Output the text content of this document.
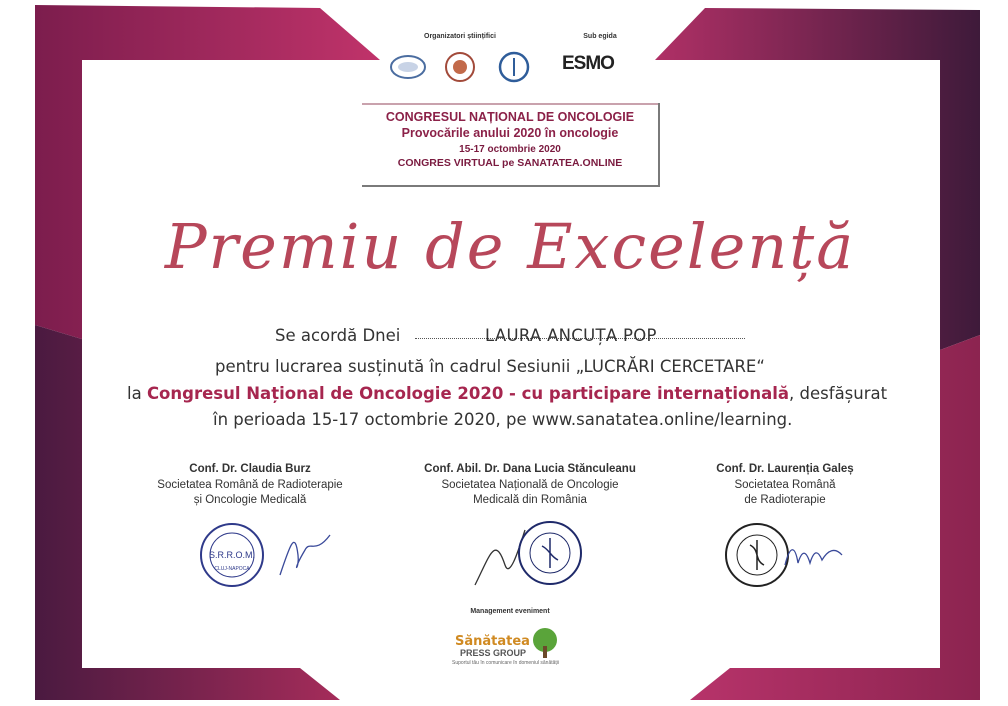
Organizatori științifici	Sub egida
ESMO
CONGRESUL NAȚIONAL DE ONCOLOGIE
Provocările anului 2020 în oncologie
15-17 octombrie 2020
CONGRES VIRTUAL pe SANATATEA.ONLINE
Premiu de Excelență
Se acordă Dnei	LAURA ANCUȚA POP
pentru lucrarea susținută în cadrul Sesiunii „LUCRĂRI CERCETARE“
la Congresul Național de Oncologie 2020 - cu participare internațională, desfășurat
în perioada 15-17 octombrie 2020, pe www.sanatatea.online/learning.
Conf. Dr. Claudia Burz
Societatea Română de Radioterapie
și Oncologie Medicală
Conf. Abil. Dr. Dana Lucia Stănculeanu
Societatea Națională de Oncologie
Medicală din România
Conf. Dr. Laurenția Galeș
Societatea Română
de Radioterapie
S.R.R.O.M.
CLUJ-NAPOCA
Management eveniment
Sănătatea
PRESS GROUP
Suportul tău în comunicare în domeniul sănătății
